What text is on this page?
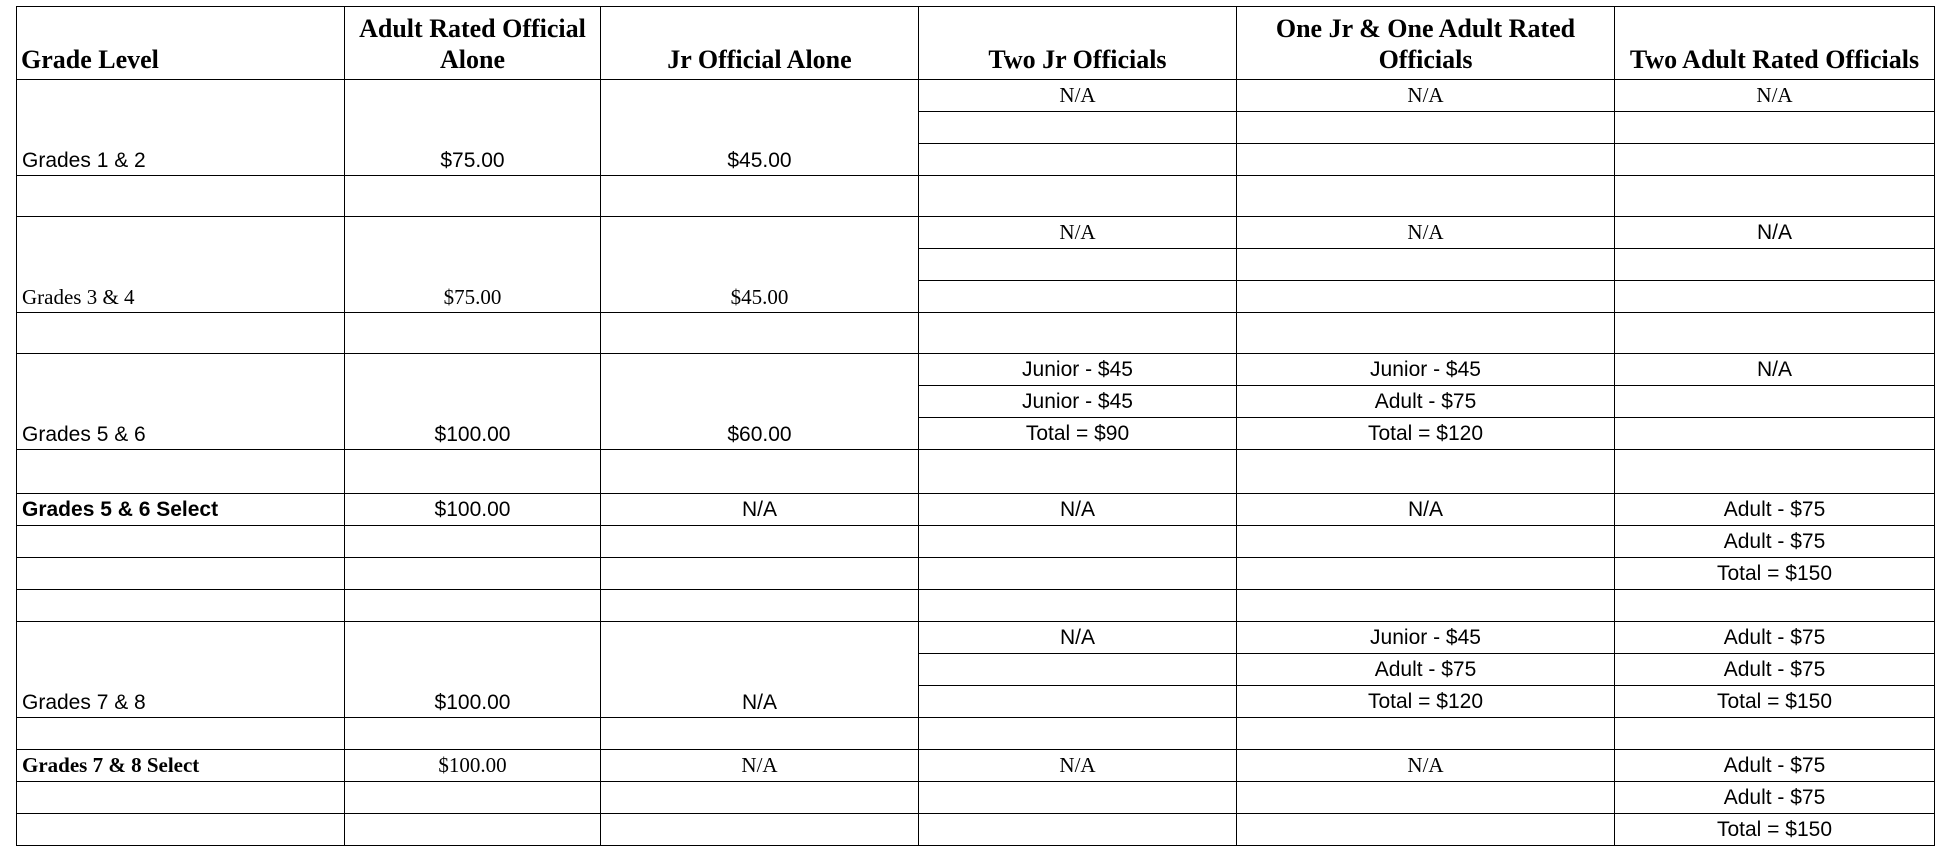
Grade Level	Adult Rated Official Alone	Jr Official Alone	Two Jr Officials	One Jr & One Adult Rated Officials	Two Adult Rated Officials
Grades 1 & 2	$75.00	$45.00	N/A	N/A	N/A

Grades 3 & 4	$75.00	$45.00	N/A	N/A	N/A

Grades 5 & 6	$100.00	$60.00	Junior - $45	Junior - $45	N/A
			Junior - $45	Adult - $75	
			Total = $90	Total = $120	

Grades 5 & 6 Select	$100.00	N/A	N/A	N/A	Adult - $75
					Adult - $75
					Total = $150

Grades 7 & 8	$100.00	N/A	N/A	Junior - $45	Adult - $75
				Adult - $75	Adult - $75
				Total = $120	Total = $150

Grades 7 & 8 Select	$100.00	N/A	N/A	N/A	Adult - $75
					Adult - $75
					Total = $150
